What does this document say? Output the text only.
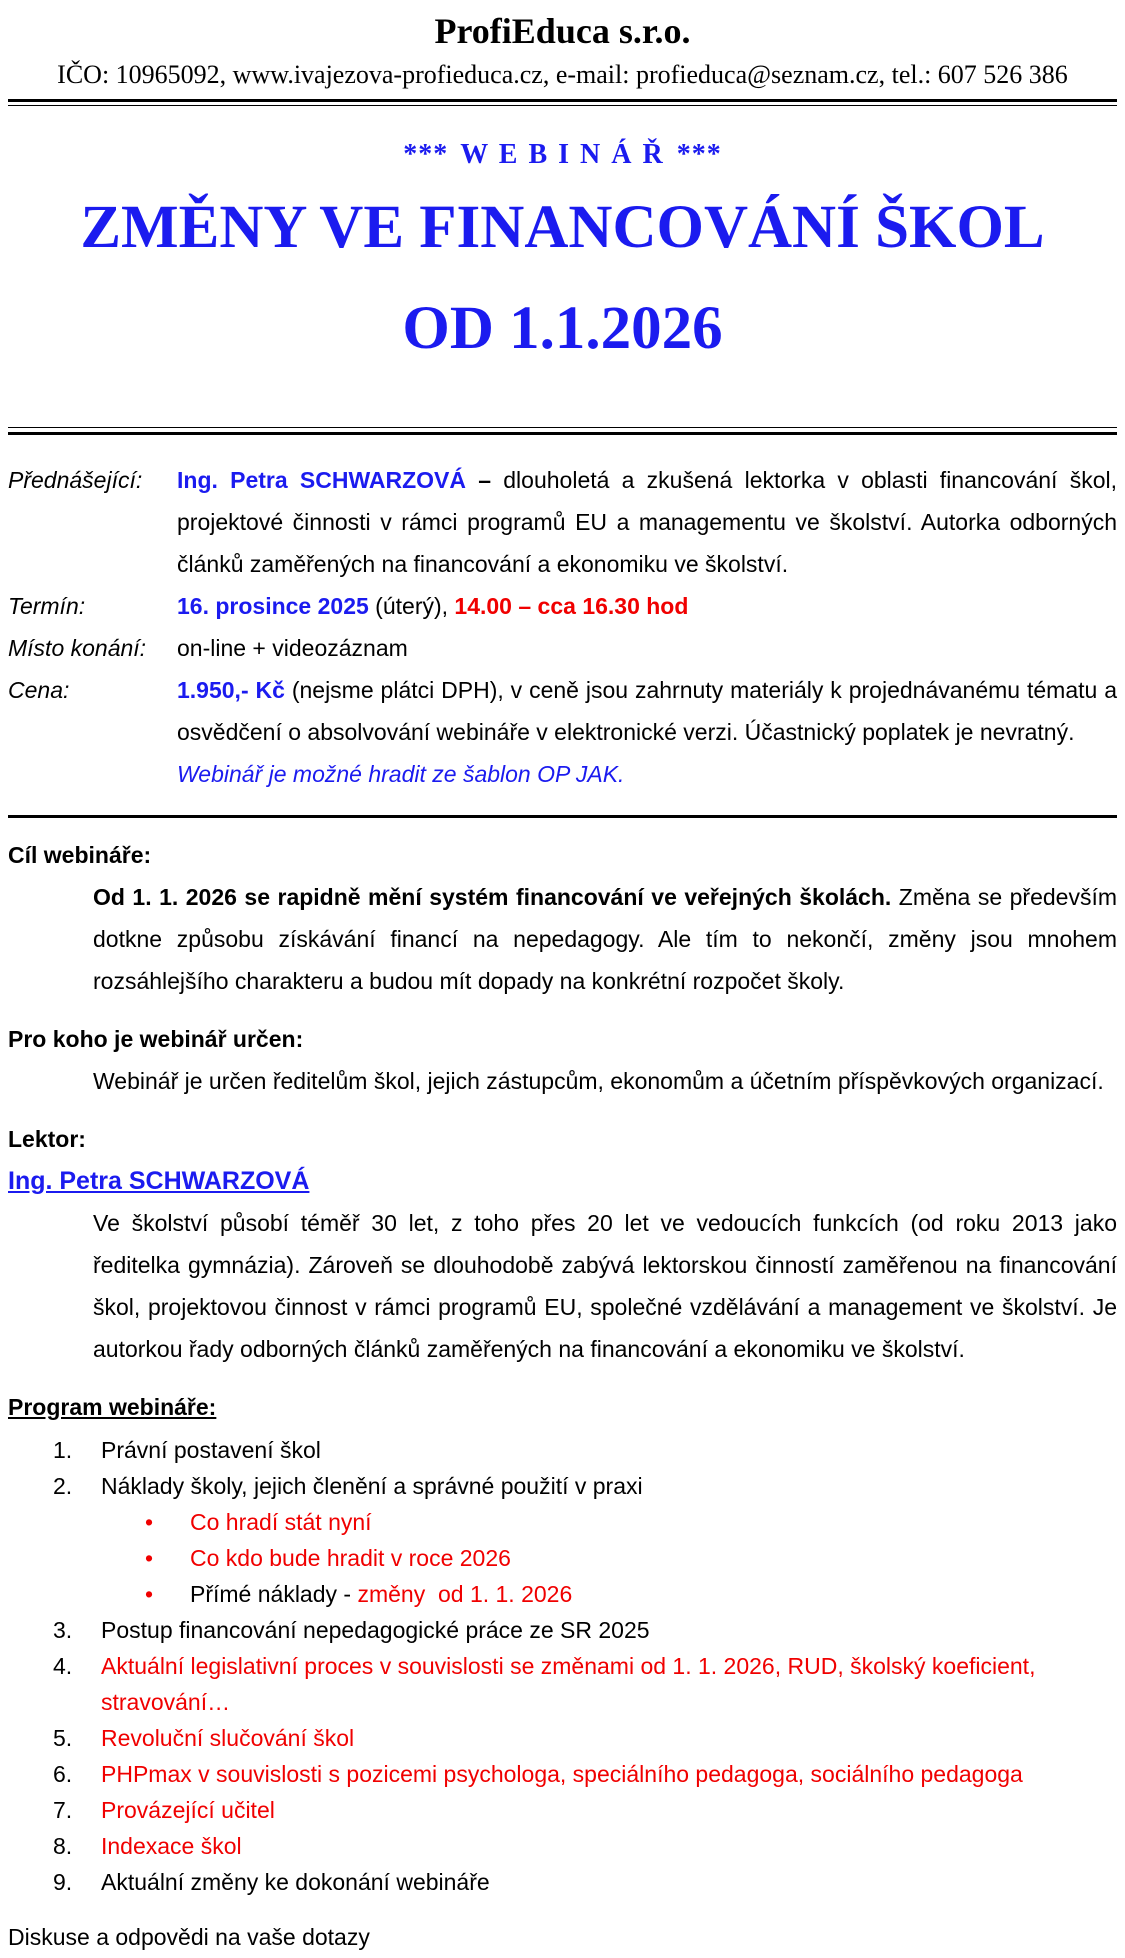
ProfiEduca s.r.o.
IČO: 10965092, www.ivajezova-profieduca.cz, e-mail: profieduca@seznam.cz, tel.: 607 526 386
*** W E B I N Á Ř ***
ZMĚNY VE FINANCOVÁNÍ ŠKOL
OD 1.1.2026
Přednášející:	Ing. Petra SCHWARZOVÁ – dlouholetá a zkušená lektorka v oblasti financování škol, projektové činnosti v rámci programů EU a managementu ve školství. Autorka odborných článků zaměřených na financování a ekonomiku ve školství.
Termín:	16. prosince 2025 (úterý), 14.00 – cca 16.30 hod
Místo konání:	on-line + videozáznam
Cena:	1.950,- Kč (nejsme plátci DPH), v ceně jsou zahrnuty materiály k projednávanému tématu a osvědčení o absolvování webináře v elektronické verzi. Účastnický poplatek je nevratný.
Webinář je možné hradit ze šablon OP JAK.
Cíl webináře:
Od 1. 1. 2026 se rapidně mění systém financování ve veřejných školách. Změna se především dotkne způsobu získávání financí na nepedagogy. Ale tím to nekončí, změny jsou mnohem rozsáhlejšího charakteru a budou mít dopady na konkrétní rozpočet školy.
Pro koho je webinář určen:
Webinář je určen ředitelům škol, jejich zástupcům, ekonomům a účetním příspěvkových organizací.
Lektor:
Ing. Petra SCHWARZOVÁ
Ve školství působí téměř 30 let, z toho přes 20 let ve vedoucích funkcích (od roku 2013 jako ředitelka gymnázia). Zároveň se dlouhodobě zabývá lektorskou činností zaměřenou na financování škol, projektovou činnost v rámci programů EU, společné vzdělávání a management ve školství. Je autorkou řady odborných článků zaměřených na financování a ekonomiku ve školství.
Program webináře:
1.	Právní postavení škol
2.	Náklady školy, jejich členění a správné použití v praxi
•	Co hradí stát nyní
•	Co kdo bude hradit v roce 2026
•	Přímé náklady - změny  od 1. 1. 2026
3.	Postup financování nepedagogické práce ze SR 2025
4.	Aktuální legislativní proces v souvislosti se změnami od 1. 1. 2026, RUD, školský koeficient, stravování…
5.	Revoluční slučování škol
6.	PHPmax v souvislosti s pozicemi psychologa, speciálního pedagoga, sociálního pedagoga
7.	Provázející učitel
8.	Indexace škol
9.	Aktuální změny ke dokonání webináře
Diskuse a odpovědi na vaše dotazy
